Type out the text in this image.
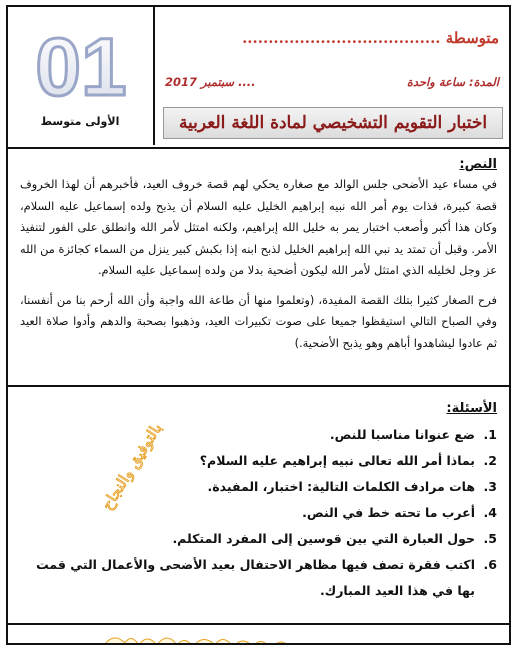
01
الأولى متوسط
متوسطة ......................................
المدة: ساعة واحدة
.... سبتمبر 2017
اختبار التقويم التشخيصي لمادة اللغة العربية
النص:

في مساء عيد الأضحى جلس الوالد مع صغاره يحكي لهم قصة خروف العيد، فأخبرهم أن لهذا الخروف قصة كبيرة، فذات يوم أمر الله نبيه إبراهيم الخليل عليه السلام أن يذبح ولده إسماعيل عليه السلام، وكان هذا أكبر وأصعب اختبار يمر به خليل الله إبراهيم، ولكنه امتثل لأمر الله وانطلق على الفور لتنفيذ الأمر. وقبل أن تمتد يد نبي الله إبراهيم الخليل لذبح ابنه إذا بكبش كبير ينزل من السماء كجائزة من الله عز وجل لخليله الذي امتثل لأمر الله ليكون أضحية بدلا من ولده إسماعيل عليه السلام.

فرح الصغار كثيرا بتلك القصة المفيدة، (وتعلموا منها أن طاعة الله واجبة وأن الله أرحم بنا من أنفسنا، وفي الصباح التالي استيقظوا جميعا على صوت تكبيرات العيد، وذهبوا بصحبة والدهم وأدوا صلاة العيد ثم عادوا ليشاهدوا أباهم وهو يذبح الأضحية.)

الأسئلة:
1.
ضع عنوانا مناسبا للنص.
2.
بماذا أمر الله تعالى نبيه إبراهيم عليه السلام؟
3.
هات مرادف الكلمات التالية: اختبار، المفيدة.
4.
أعرب ما تحته خط في النص.
5.
حول العبارة التي بين قوسين إلى المفرد المتكلم.
6.
اكتب فقرة تصف فيها مظاهر الاحتفال بعيد الأضحى والأعمال التي قمت بها في هذا العيد المبارك.
بالتوفيق والنجاح
